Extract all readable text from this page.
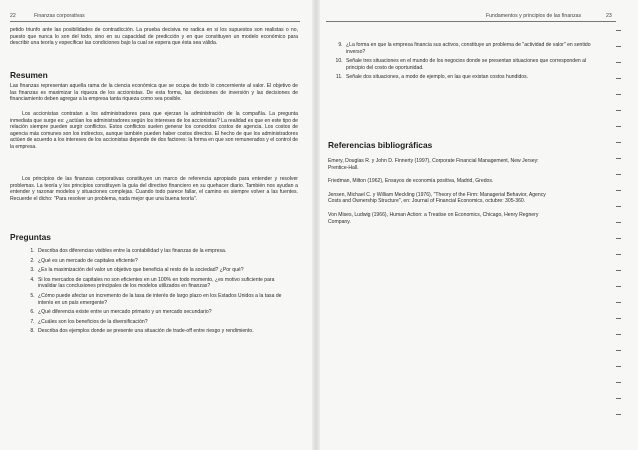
22	Finanzas corporativas

petido triunfo ante las posibilidades de contradicción. La prueba decisiva no radica en si los supuestos son realistas o no, puesto que nunca lo son del todo, sino en su capacidad de predicción y en que constituyen un modelo económico para describir una teoría y especificar las condiciones bajo la cual se espera que ésta sea válida.

Resumen

Las finanzas representan aquella rama de la ciencia económica que se ocupa de todo lo concerniente al valor. El objetivo de las finanzas es maximizar la riqueza de los accionistas. De esta forma, las decisiones de inversión y las decisiones de financiamiento deben agregar a la empresa tanta riqueza como sea posible.

Los accionistas contratan a los administradores para que ejerzan la administración de la compañía. La pregunta inmediata que surge es: ¿actúan los administradores según los intereses de los accionistas? La realidad es que en este tipo de relación siempre pueden surgir conflictos. Estos conflictos suelen generar los conocidos costos de agencia. Los costos de agencia más comunes son los indirectos, aunque también pueden haber costos directos. El hecho de que los administradores actúen de acuerdo a los intereses de los accionistas depende de dos factores: la forma en que son remunerados y el control de la empresa.

Los principios de las finanzas corporativas constituyen un marco de referencia apropiado para entender y resolver problemas. La teoría y los principios constituyen la guía del directivo financiero en su quehacer diario. También nos ayudan a entender y razonar modelos y situaciones complejas. Cuando todo parece fallar, el camino es siempre volver a las fuentes. Recuerde el dicho: "Para resolver un problema, nada mejor que una buena teoría".

Preguntas
1. Describa dos diferencias visibles entre la contabilidad y las finanzas de la empresa.
2. ¿Qué es un mercado de capitales eficiente?
3. ¿Es la maximización del valor un objetivo que beneficia al resto de la sociedad? ¿Por qué?
4. Si los mercados de capitales no son eficientes en un 100% en todo momento, ¿es motivo suficiente para invalidar las conclusiones principales de los modelos utilizados en finanzas?
5. ¿Cómo puede afectar un incremento de la tasa de interés de largo plazo en los Estados Unidos a la tasa de interés en un país emergente?
6. ¿Qué diferencia existe entre un mercado primario y un mercado secundario?
7. ¿Cuáles son los beneficios de la diversificación?
8. Describa dos ejemplos donde se presente una situación de trade-off entre riesgo y rendimiento.
Fundamentos y principios de las finanzas	23
9. ¿La forma en que la empresa financia sus activos, constituye un problema de "actividad de valor" en sentido inverso?
10. Señale tres situaciones en el mundo de los negocios donde se presentan situaciones que corresponden al principio del costo de oportunidad.
11. Señale dos situaciones, a modo de ejemplo, en las que existan costos hundidos.
Referencias bibliográficas

Emery, Douglas R. y John D. Finnerty (1997), Corporate Financial Management, New Jersey: Prentice-Hall.

Friedman, Milton (1962), Ensayos de economía positiva, Madrid, Gredos.

Jensen, Michael C. y William Meckling (1976), "Theory of the Firm: Managerial Behavior, Agency Costs and Ownership Structure", en: Journal of Financial Economics, octubre: 305-360.

Von Mises, Ludwig (1966), Human Action: a Treatise on Economics, Chicago, Henry Regnery Company.
